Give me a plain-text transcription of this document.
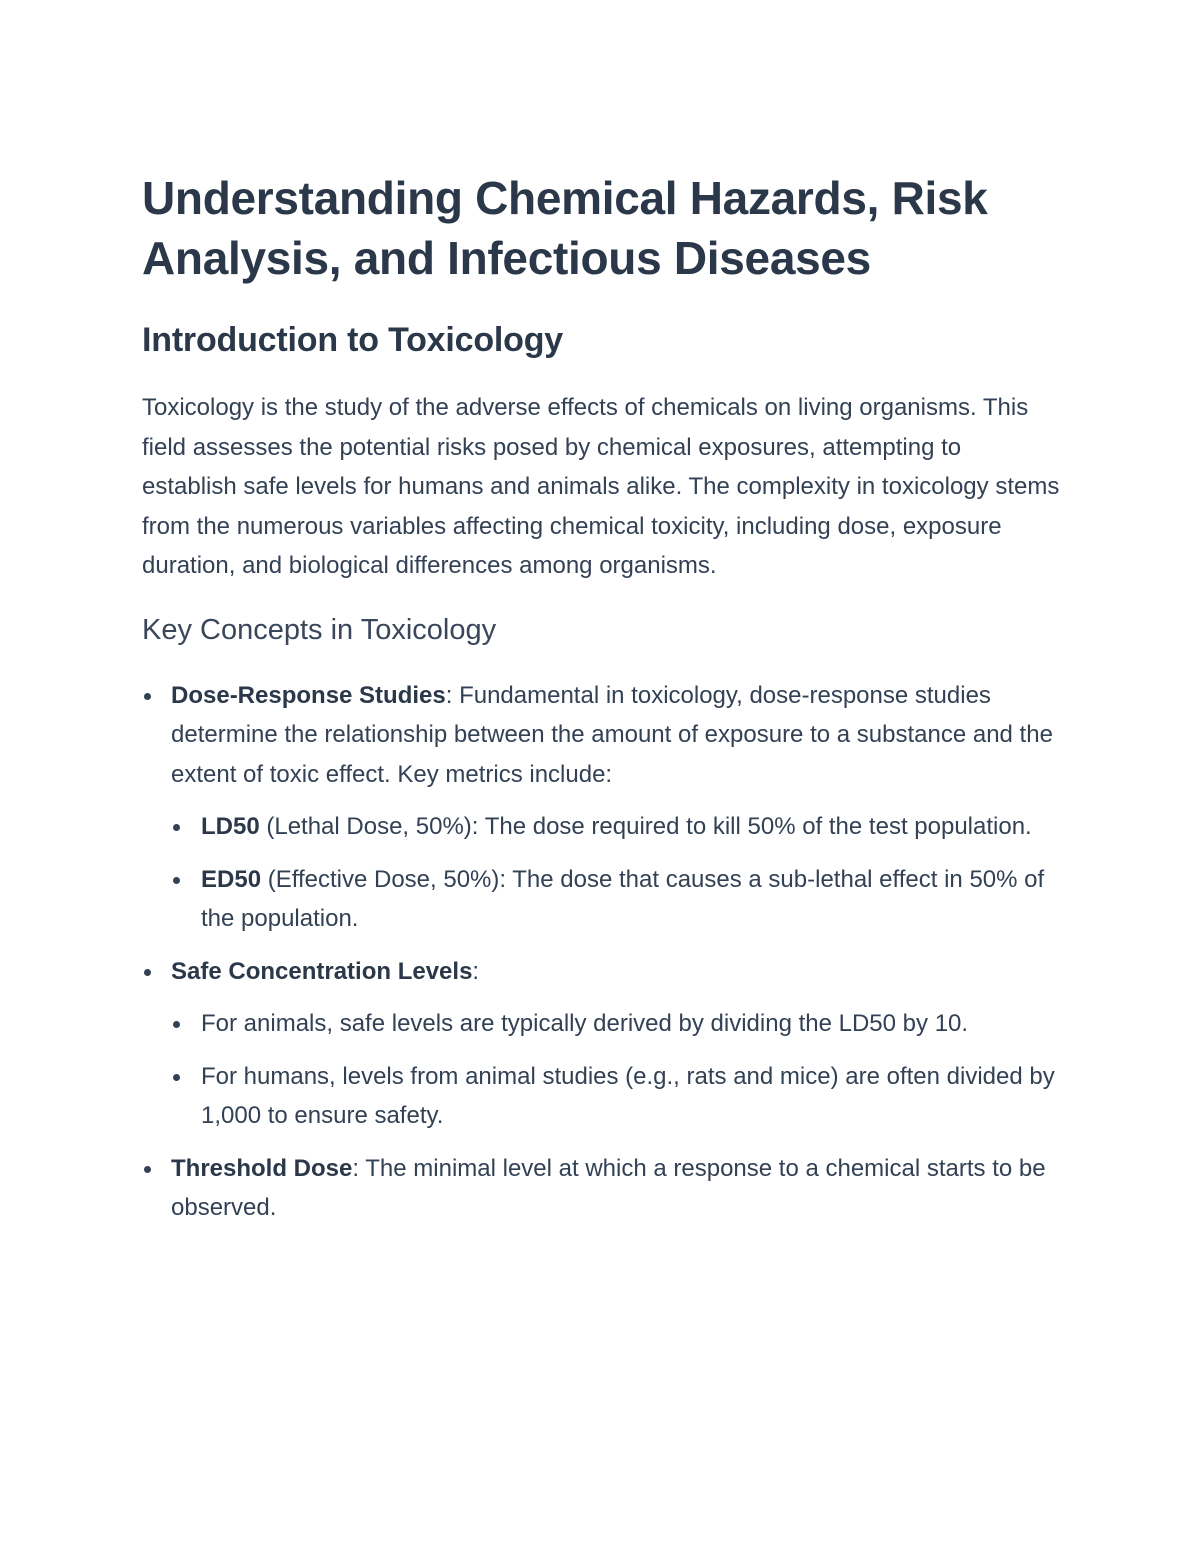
Understanding Chemical Hazards, Risk Analysis, and Infectious Diseases
Introduction to Toxicology

Toxicology is the study of the adverse effects of chemicals on living organisms. This field assesses the potential risks posed by chemical exposures, attempting to establish safe levels for humans and animals alike. The complexity in toxicology stems from the numerous variables affecting chemical toxicity, including dose, exposure duration, and biological differences among organisms.

Key Concepts in Toxicology
Dose-Response Studies: Fundamental in toxicology, dose-response studies determine the relationship between the amount of exposure to a substance and the extent of toxic effect. Key metrics include:
LD50 (Lethal Dose, 50%): The dose required to kill 50% of the test population.
ED50 (Effective Dose, 50%): The dose that causes a sub-lethal effect in 50% of the population.
Safe Concentration Levels:
For animals, safe levels are typically derived by dividing the LD50 by 10.
For humans, levels from animal studies (e.g., rats and mice) are often divided by 1,000 to ensure safety.
Threshold Dose: The minimal level at which a response to a chemical starts to be observed.
